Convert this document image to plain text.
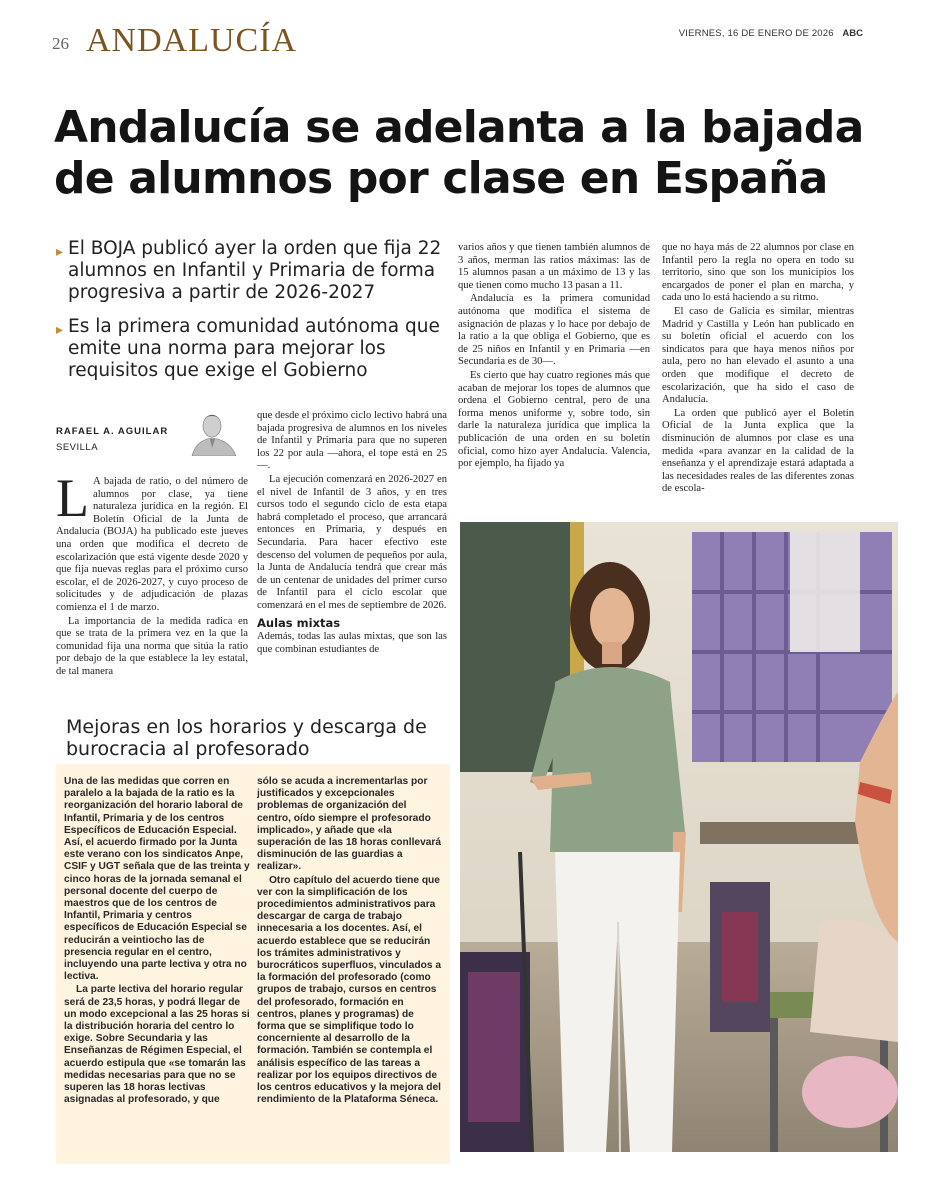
26 ANDALUCÍA	VIERNES, 16 DE ENERO DE 2026 ABC
Andalucía se adelanta a la bajada de alumnos por clase en España
▸ El BOJA publicó ayer la orden que fija 22 alumnos en Infantil y Primaria de forma progresiva a partir de 2026-2027
▸ Es la primera comunidad autónoma que emite una norma para mejorar los requisitos que exige el Gobierno
RAFAEL A. AGUILAR
SEVILLA

L A bajada de ratio, o del número de alumnos por clase, ya tiene naturaleza jurídica en la región. El Boletín Oficial de la Junta de Andalucía (BOJA) ha publicado este jueves una orden que modifica el decreto de escolarización que está vigente desde 2020 y que fija nuevas reglas para el próximo curso escolar, el de 2026-2027, y cuyo proceso de solicitudes y de adjudicación de plazas comienza el 1 de marzo.

La importancia de la medida radica en que se trata de la primera vez en la que la comunidad fija una norma que sitúa la ratio por debajo de la que establece la ley estatal, de tal manera

que desde el próximo ciclo lectivo habrá una bajada progresiva de alumnos en los niveles de Infantil y Primaria para que no superen los 22 por aula —ahora, el tope está en 25—.

La ejecución comenzará en 2026-2027 en el nivel de Infantil de 3 años, y en tres cursos todo el segundo ciclo de esta etapa habrá completado el proceso, que arrancará entonces en Primaria, y después en Secundaria. Para hacer efectivo este descenso del volumen de pequeños por aula, la Junta de Andalucía tendrá que crear más de un centenar de unidades del primer curso de Infantil para el ciclo escolar que comenzará en el mes de septiembre de 2026.

Aulas mixtas

Además, todas las aulas mixtas, que son las que combinan estudiantes de

varios años y que tienen también alumnos de 3 años, merman las ratios máximas: las de 15 alumnos pasan a un máximo de 13 y las que tienen como mucho 13 pasan a 11.

Andalucía es la primera comunidad autónoma que modifica el sistema de asignación de plazas y lo hace por debajo de la ratio a la que obliga el Gobierno, que es de 25 niños en Infantil y en Primaria —en Secundaria es de 30—.

Es cierto que hay cuatro regiones más que acaban de mejorar los topes de alumnos que ordena el Gobierno central, pero de una forma menos uniforme y, sobre todo, sin darle la naturaleza jurídica que implica la publicación de una orden en su boletín oficial, como hizo ayer Andalucía. Valencia, por ejemplo, ha fijado ya

que no haya más de 22 alumnos por clase en Infantil pero la regla no opera en todo su territorio, sino que son los municipios los encargados de poner el plan en marcha, y cada uno lo está haciendo a su ritmo.

El caso de Galicia es similar, mientras Madrid y Castilla y León han publicado en su boletín oficial el acuerdo con los sindicatos para que haya menos niños por aula, pero no han elevado el asunto a una orden que modifique el decreto de escolarización, que ha sido el caso de Andalucía.

La orden que publicó ayer el Boletín Oficial de la Junta explica que la disminución de alumnos por clase es una medida «para avanzar en la calidad de la enseñanza y el aprendizaje estará adaptada a las necesidades reales de las diferentes zonas de escola-

Mejoras en los horarios y descarga de burocracia al profesorado

Una de las medidas que corren en paralelo a la bajada de la ratio es la reorganización del horario laboral de Infantil, Primaria y de los centros Específicos de Educación Especial. Así, el acuerdo firmado por la Junta este verano con los sindicatos Anpe, CSIF y UGT señala que de las treinta y cinco horas de la jornada semanal el personal docente del cuerpo de maestros que de los centros de Infantil, Primaria y centros específicos de Educación Especial se reducirán a veintiocho las de presencia regular en el centro, incluyendo una parte lectiva y otra no lectiva.

La parte lectiva del horario regular será de 23,5 horas, y podrá llegar de un modo excepcional a las 25 horas si la distribución horaria del centro lo exige. Sobre Secundaria y las Enseñanzas de Régimen Especial, el acuerdo estipula que «se tomarán las medidas necesarias para que no se superen las 18 horas lectivas asignadas al profesorado, y que

sólo se acuda a incrementarlas por justificados y excepcionales problemas de organización del centro, oído siempre el profesorado implicado», y añade que «la superación de las 18 horas conllevará disminución de las guardias a realizar».

Otro capítulo del acuerdo tiene que ver con la simplificación de los procedimientos administrativos para descargar de carga de trabajo innecesaria a los docentes. Así, el acuerdo establece que se reducirán los trámites administrativos y burocráticos superfluos, vinculados a la formación del profesorado (como grupos de trabajo, cursos en centros del profesorado, formación en centros, planes y programas) de forma que se simplifique todo lo concerniente al desarrollo de la formación. También se contempla el análisis específico de las tareas a realizar por los equipos directivos de los centros educativos y la mejora del rendimiento de la Plataforma Séneca.
